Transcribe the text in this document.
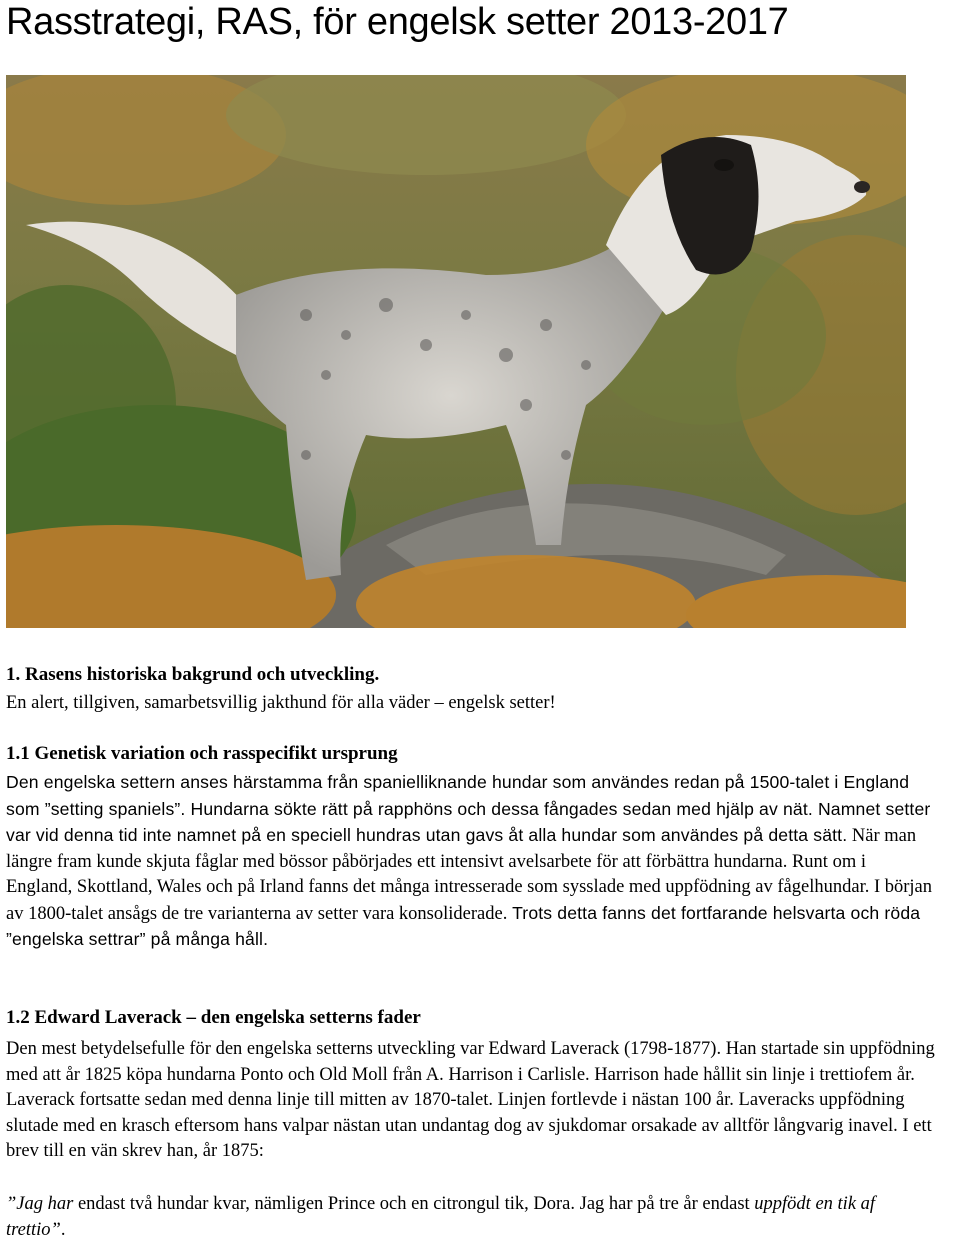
Rasstrategi, RAS, för engelsk setter 2013-2017
1. Rasens historiska bakgrund och utveckling.

En alert, tillgiven, samarbetsvillig jakthund för alla väder – engelsk setter!

1.1 Genetisk variation och rasspecifikt ursprung

Den engelska settern anses härstamma från spanielliknande hundar som användes redan på 1500-talet i England som ”setting spaniels”. Hundarna sökte rätt på rapphöns och dessa fångades sedan med hjälp av nät. Namnet setter var vid denna tid inte namnet på en speciell hundras utan gavs åt alla hundar som användes på detta sätt. När man längre fram kunde skjuta fåglar med bössor påbörjades ett intensivt avelsarbete för att förbättra hundarna. Runt om i England, Skottland, Wales och på Irland fanns det många intresserade som sysslade med uppfödning av fågelhundar. I början av 1800-talet ansågs de tre varianterna av setter vara konsoliderade. Trots detta fanns det fortfarande helsvarta och röda ”engelska settrar” på många håll.

1.2 Edward Laverack – den engelska setterns fader

Den mest betydelsefulle för den engelska setterns utveckling var Edward Laverack (1798-1877). Han startade sin uppfödning med att år 1825 köpa hundarna Ponto och Old Moll från A. Harrison i Carlisle. Harrison hade hållit sin linje i trettiofem år. Laverack fortsatte sedan med denna linje till mitten av 1870-talet. Linjen fortlevde i nästan 100 år. Laveracks uppfödning slutade med en krasch eftersom hans valpar nästan utan undantag dog av sjukdomar orsakade av alltför långvarig inavel. I ett brev till en vän skrev han, år 1875:

”Jag har endast två hundar kvar, nämligen Prince och en citrongul tik, Dora. Jag har på tre år endast uppfödt en tik af trettio”.
